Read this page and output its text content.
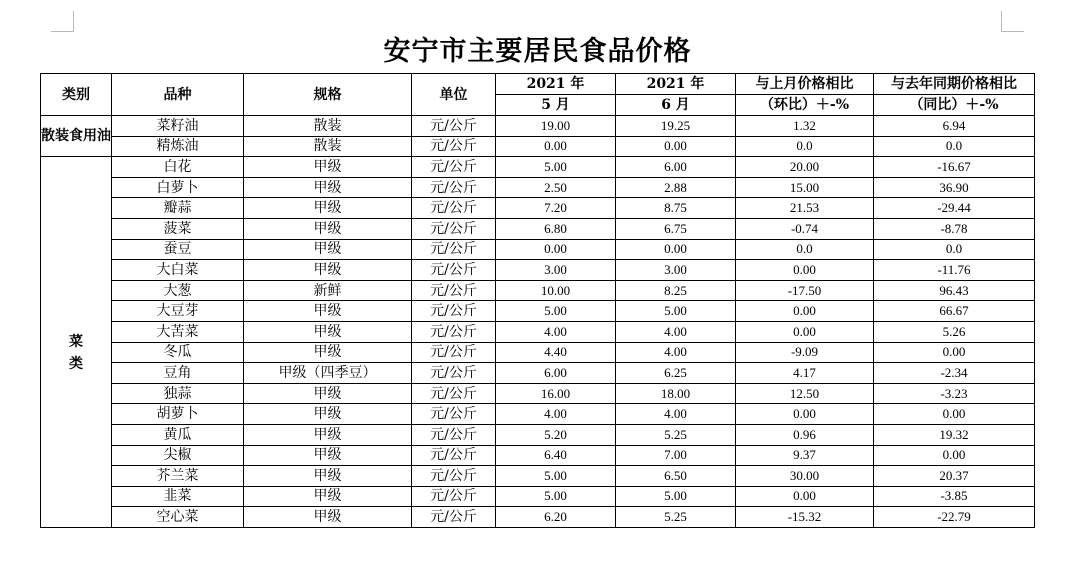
安宁市主要居民食品价格
类别	品种	规格	单位	2021 年	2021 年	与上月价格相比	与去年同期价格相比
				5 月	6 月	（环比）＋-%	（同比）＋-%
散装食用油	菜籽油	散装	元/公斤	19.00	19.25	1.32	6.94
	精炼油	散装	元/公斤	0.00	0.00	0.0	0.0
菜类	白花	甲级	元/公斤	5.00	6.00	20.00	-16.67
	白萝卜	甲级	元/公斤	2.50	2.88	15.00	36.90
	瓣蒜	甲级	元/公斤	7.20	8.75	21.53	-29.44
	菠菜	甲级	元/公斤	6.80	6.75	-0.74	-8.78
	蚕豆	甲级	元/公斤	0.00	0.00	0.0	0.0
	大白菜	甲级	元/公斤	3.00	3.00	0.00	-11.76
	大葱	新鲜	元/公斤	10.00	8.25	-17.50	96.43
	大豆芽	甲级	元/公斤	5.00	5.00	0.00	66.67
	大苦菜	甲级	元/公斤	4.00	4.00	0.00	5.26
	冬瓜	甲级	元/公斤	4.40	4.00	-9.09	0.00
	豆角	甲级（四季豆）	元/公斤	6.00	6.25	4.17	-2.34
	独蒜	甲级	元/公斤	16.00	18.00	12.50	-3.23
	胡萝卜	甲级	元/公斤	4.00	4.00	0.00	0.00
	黄瓜	甲级	元/公斤	5.20	5.25	0.96	19.32
	尖椒	甲级	元/公斤	6.40	7.00	9.37	0.00
	芥兰菜	甲级	元/公斤	5.00	6.50	30.00	20.37
	韭菜	甲级	元/公斤	5.00	5.00	0.00	-3.85
	空心菜	甲级	元/公斤	6.20	5.25	-15.32	-22.79
